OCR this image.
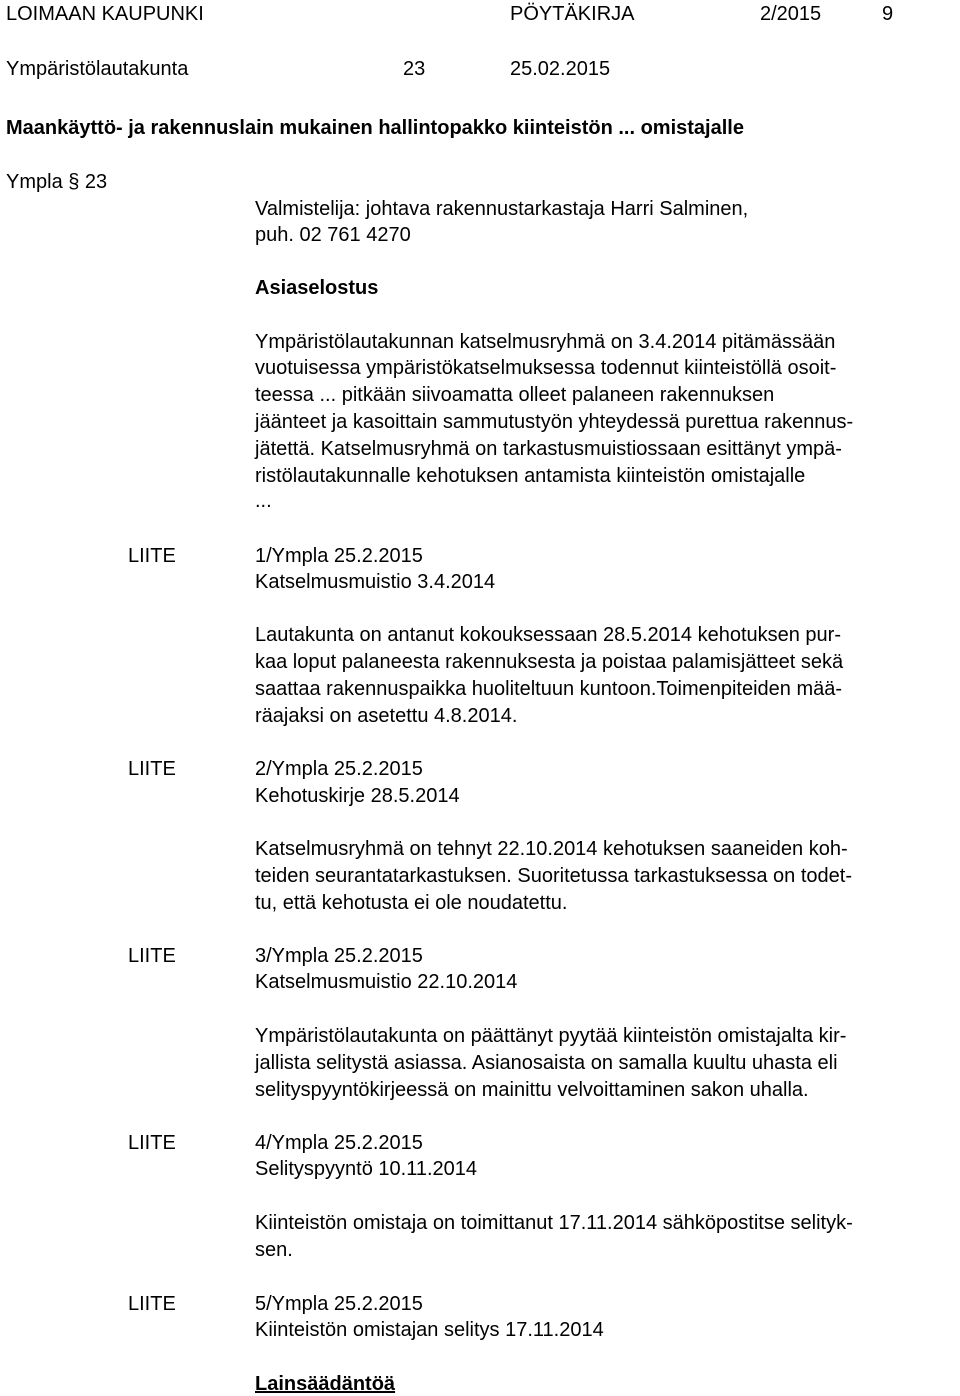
LOIMAAN KAUPUNKI	PÖYTÄKIRJA	2/2015	9
Ympäristölautakunta	23	25.02.2015
Maankäyttö- ja rakennuslain mukainen hallintopakko kiinteistön ... omistajalle
Ympla § 23
Valmistelija: johtava rakennustarkastaja Harri Salminen,
puh. 02 761 4270
Asiaselostus
Ympäristölautakunnan katselmusryhmä on 3.4.2014 pitämässään
vuotuisessa ympäristökatselmuksessa todennut kiinteistöllä osoit-
teessa ... pitkään siivoamatta olleet palaneen rakennuksen
jäänteet ja kasoittain sammutustyön yhteydessä purettua rakennus-
jätettä. Katselmusryhmä on tarkastusmuistiossaan esittänyt ympä-
ristölautakunnalle kehotuksen antamista kiinteistön omistajalle
...
LIITE	1/Ympla 25.2.2015
Katselmusmuistio 3.4.2014
Lautakunta on antanut kokouksessaan 28.5.2014 kehotuksen pur-
kaa loput palaneesta rakennuksesta ja poistaa palamisjätteet sekä
saattaa rakennuspaikka huoliteltuun kuntoon.Toimenpiteiden mää-
räajaksi on asetettu 4.8.2014.
LIITE	2/Ympla 25.2.2015
Kehotuskirje 28.5.2014
Katselmusryhmä on tehnyt 22.10.2014 kehotuksen saaneiden koh-
teiden seurantatarkastuksen. Suoritetussa tarkastuksessa on todet-
tu, että kehotusta ei ole noudatettu.
LIITE	3/Ympla 25.2.2015
Katselmusmuistio 22.10.2014
Ympäristölautakunta on päättänyt pyytää kiinteistön omistajalta kir-
jallista selitystä asiassa. Asianosaista on samalla kuultu uhasta eli
selityspyyntökirjeessä on mainittu velvoittaminen sakon uhalla.
LIITE	4/Ympla 25.2.2015
Selityspyyntö 10.11.2014
Kiinteistön omistaja on toimittanut 17.11.2014 sähköpostitse selityk-
sen.
LIITE	5/Ympla 25.2.2015
Kiinteistön omistajan selitys 17.11.2014
Lainsäädäntöä
